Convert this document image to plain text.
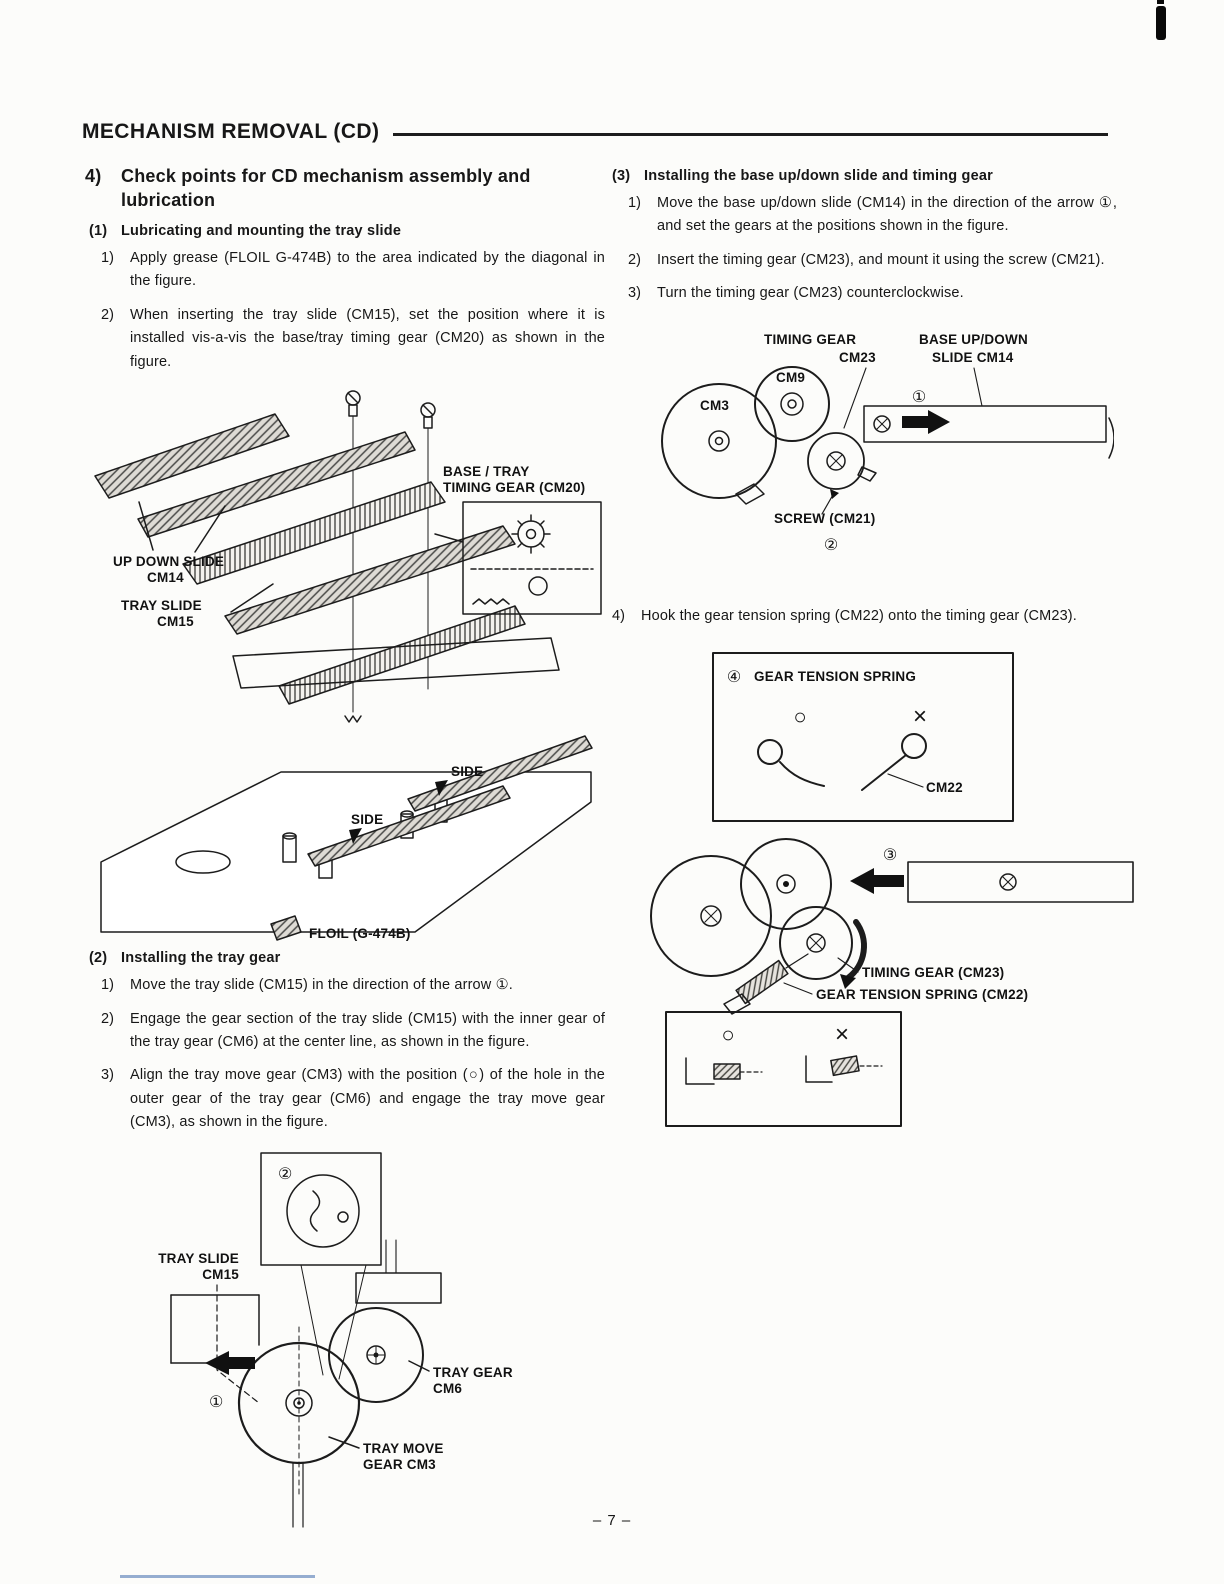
MECHANISM REMOVAL (CD)
4)	Check points for CD mechanism assembly and lubrication
(1) Lubricating and mounting the tray slide
1)	Apply grease (FLOIL G-474B) to the area indicated by the diagonal in the figure.
2)	When inserting the tray slide (CM15), set the position where it is installed vis-a-vis the base/tray timing gear (CM20) as shown in the figure.
BASE / TRAY
TIMING GEAR (CM20)
UP DOWN SLIDE
CM14
TRAY SLIDE
CM15
SIDE
SIDE
FLOIL (G-474B)
(2) Installing the tray gear
1)	Move the tray slide (CM15) in the direction of the arrow ①.
2)	Engage the gear section of the tray slide (CM15) with the inner gear of the tray gear (CM6) at the center line, as shown in the figure.
3)	Align the tray move gear (CM3) with the position (○) of the hole in the outer gear of the tray gear (CM6) and engage the tray move gear (CM3), as shown in the figure.
②
①
TRAY SLIDE
CM15
TRAY GEAR
CM6
TRAY MOVE
GEAR CM3
(3) Installing the base up/down slide and timing gear
1)	Move the base up/down slide (CM14) in the direction of the arrow ①, and set the gears at the positions shown in the figure.
2)	Insert the timing gear (CM23), and mount it using the screw (CM21).
3)	Turn the timing gear (CM23) counterclockwise.
TIMING GEAR
CM23
BASE UP/DOWN
SLIDE CM14
CM3
CM9
①
SCREW (CM21)
②
4)	Hook the gear tension spring (CM22) onto the timing gear (CM23).
④ GEAR TENSION SPRING
○	×
CM22
③
TIMING GEAR (CM23)
GEAR TENSION SPRING (CM22)
○	×
– 7 –
